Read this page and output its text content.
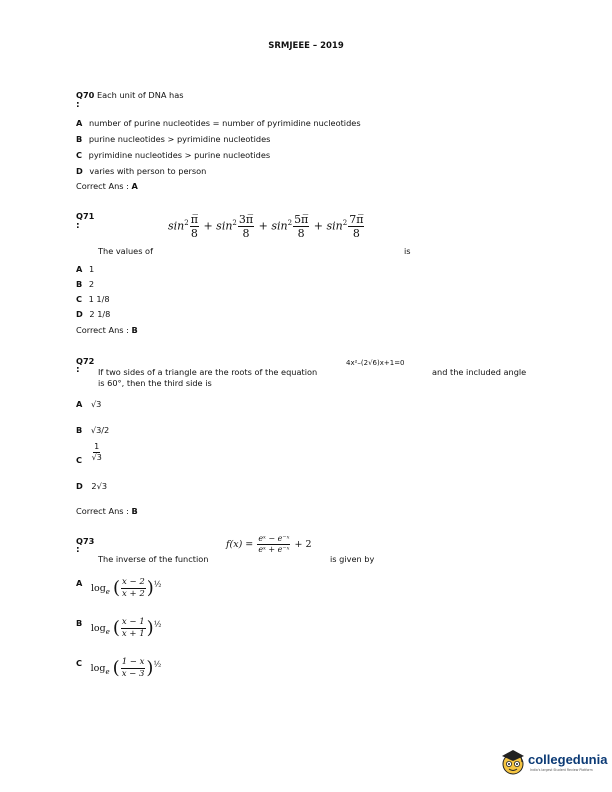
SRMJEEE – 2019
Q70 Each unit of DNA has
:
A number of purine nucleotides = number of pyrimidine nucleotides
B purine nucleotides > pyrimidine nucleotides
C pyrimidine nucleotides > purine nucleotides
D varies with person to person
Correct Ans : A
Q71
:	$\sin^2 \frac{\pi̅}{8} + \sin^2 \frac{3\pi̅}{8} + \sin^2 \frac{5\pi̅}{8} + \sin^2 \frac{7\pi̅}{8}$
The values of	is
A 1
B 2
C 1 1/8
D 2 1/8
Correct Ans : B
Q72
: If two sides of a triangle are the roots of the equation
4x²–(2√6)x+1=0
and the included angle
is 60°, then the third side is
A √3
B √3/2
C $\frac{1}{√3}$
D 2√3
Correct Ans : B
Q73
:
The inverse of the function
$f(x) = \frac{\text{eˣ − e⁻ˣ}}{\text{eˣ + e⁻ˣ}} + 2$
is given by
A $\log_e$ ( $\frac{x - 2}{x + 2} )^{\frac{1}{2}}$
B $\log_e$ ( $\frac{x - 1}{x + 1} )^{\frac{1}{2}}$
C $\log_e$ ( $\frac{1 - x}{x - 3} )^{\frac{1}{2}}$
collegedunia
India's largest Student Review Platform
